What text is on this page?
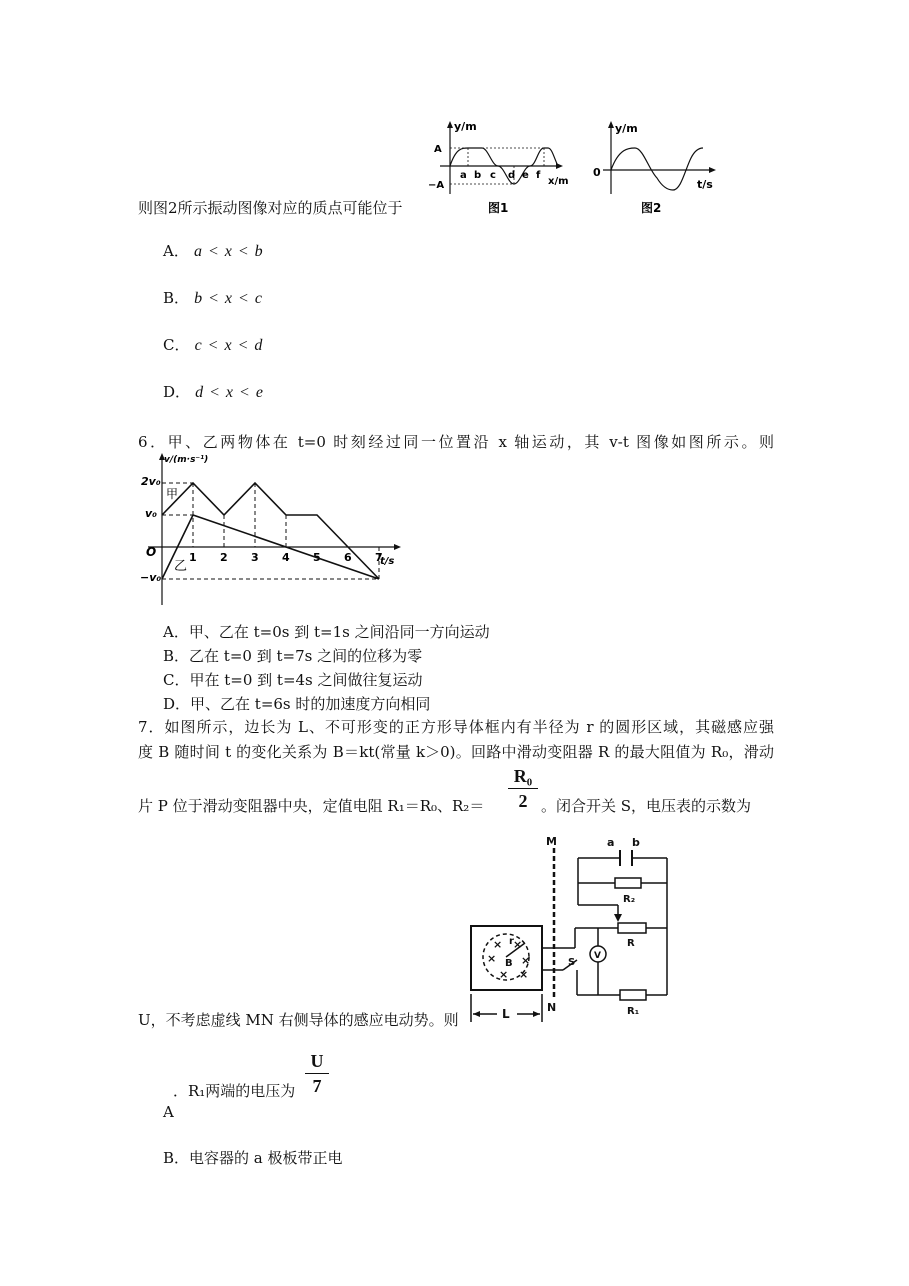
y/m
A
−A
a b c d e f
x/m
图1
y/m
0
t/s
图2
则图2所示振动图像对应的质点可能位于
A． a < x < b
B． b < x < c
C． c < x < d
D． d < x < e
6．甲、乙两物体在 t=0 时刻经过同一位置沿 x 轴运动，其 v-t 图像如图所示。则
v/(m·s⁻¹)
t/s
O
2v₀
v₀
−v₀
甲
乙
1 2 3 4 5 6 7
A．甲、乙在 t=0s 到 t=1s 之间沿同一方向运动
B．乙在 t=0 到 t=7s 之间的位移为零
C．甲在 t=0 到 t=4s 之间做往复运动
D．甲、乙在 t=6s 时的加速度方向相同
7．如图所示，边长为 L、不可形变的正方形导体框内有半径为 r 的圆形区域，其磁感应强
度 B 随时间 t 的变化关系为 B＝kt(常量 k＞0)。回路中滑动变阻器 R 的最大阻值为 R₀，滑动
R₀
2
片 P 位于滑动变阻器中央，定值电阻 R₁＝R₀、R₂＝	。闭合开关 S，电压表的示数为
× ×
× ×
× ×
M
N
a b
R₂
R
R₁
V
S
r
B
L
U，不考虑虚线 MN 右侧导体的感应电动势。则
U
7
．R₁两端的电压为
A
B．电容器的 a 极板带正电
